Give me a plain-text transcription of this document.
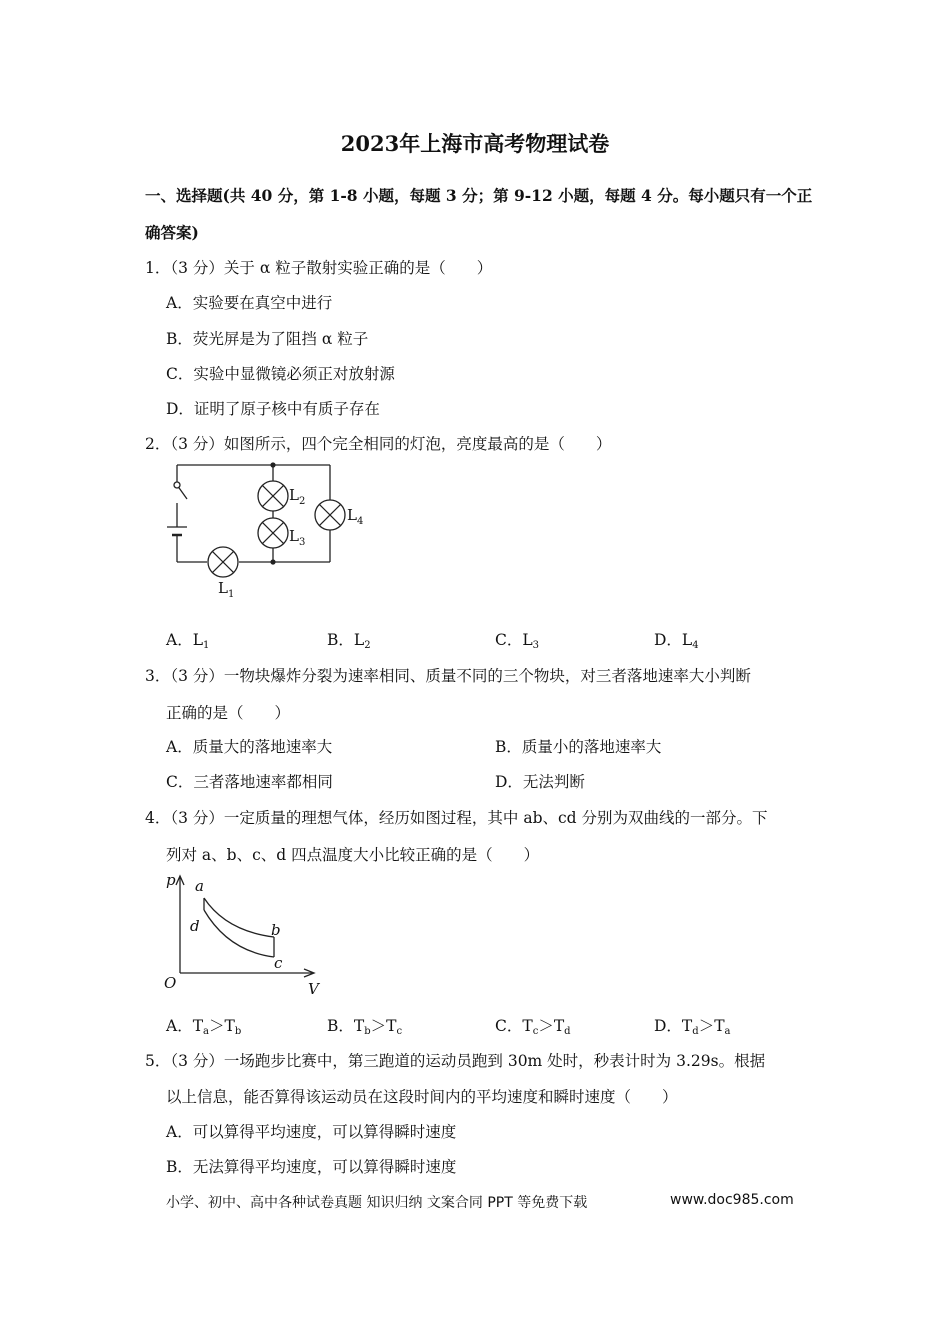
2023年上海市高考物理试卷
一、选择题(共 40 分，第 1-8 小题，每题 3 分；第 9-12 小题，每题 4 分。每小题只有一个正
确答案)
1．（3 分）关于 α 粒子散射实验正确的是（　　）
A．实验要在真空中进行
B．荧光屏是为了阻挡 α 粒子
C．实验中显微镜必须正对放射源
D．证明了原子核中有质子存在
2．（3 分）如图所示，四个完全相同的灯泡，亮度最高的是（　　）
$L_1$
$L_2$
$L_3$
$L_4$
A．$L_1$	B．$L_2$	C．$L_3$	D．$L_4$
3．（3 分）一物块爆炸分裂为速率相同、质量不同的三个物块，对三者落地速率大小判断
正确的是（　　）
A．质量大的落地速率大	B．质量小的落地速率大
C．三者落地速率都相同	D．无法判断
4．（3 分）一定质量的理想气体，经历如图过程，其中 ab、cd 分别为双曲线的一部分。下
列对 a、b、c、d 四点温度大小比较正确的是（　　）
p
V
O
a
b
c
d
A．$T_a>T_b$	B．$T_b>T_c$	C．$T_c>T_d$	D．$T_d>T_a$
5．（3 分）一场跑步比赛中，第三跑道的运动员跑到 30m 处时，秒表计时为 3.29s。根据
以上信息，能否算得该运动员在这段时间内的平均速度和瞬时速度（　　）
A．可以算得平均速度，可以算得瞬时速度
B．无法算得平均速度，可以算得瞬时速度
小学、初中、高中各种试卷真题 知识归纳 文案合同 PPT 等免费下载	www.doc985.com
